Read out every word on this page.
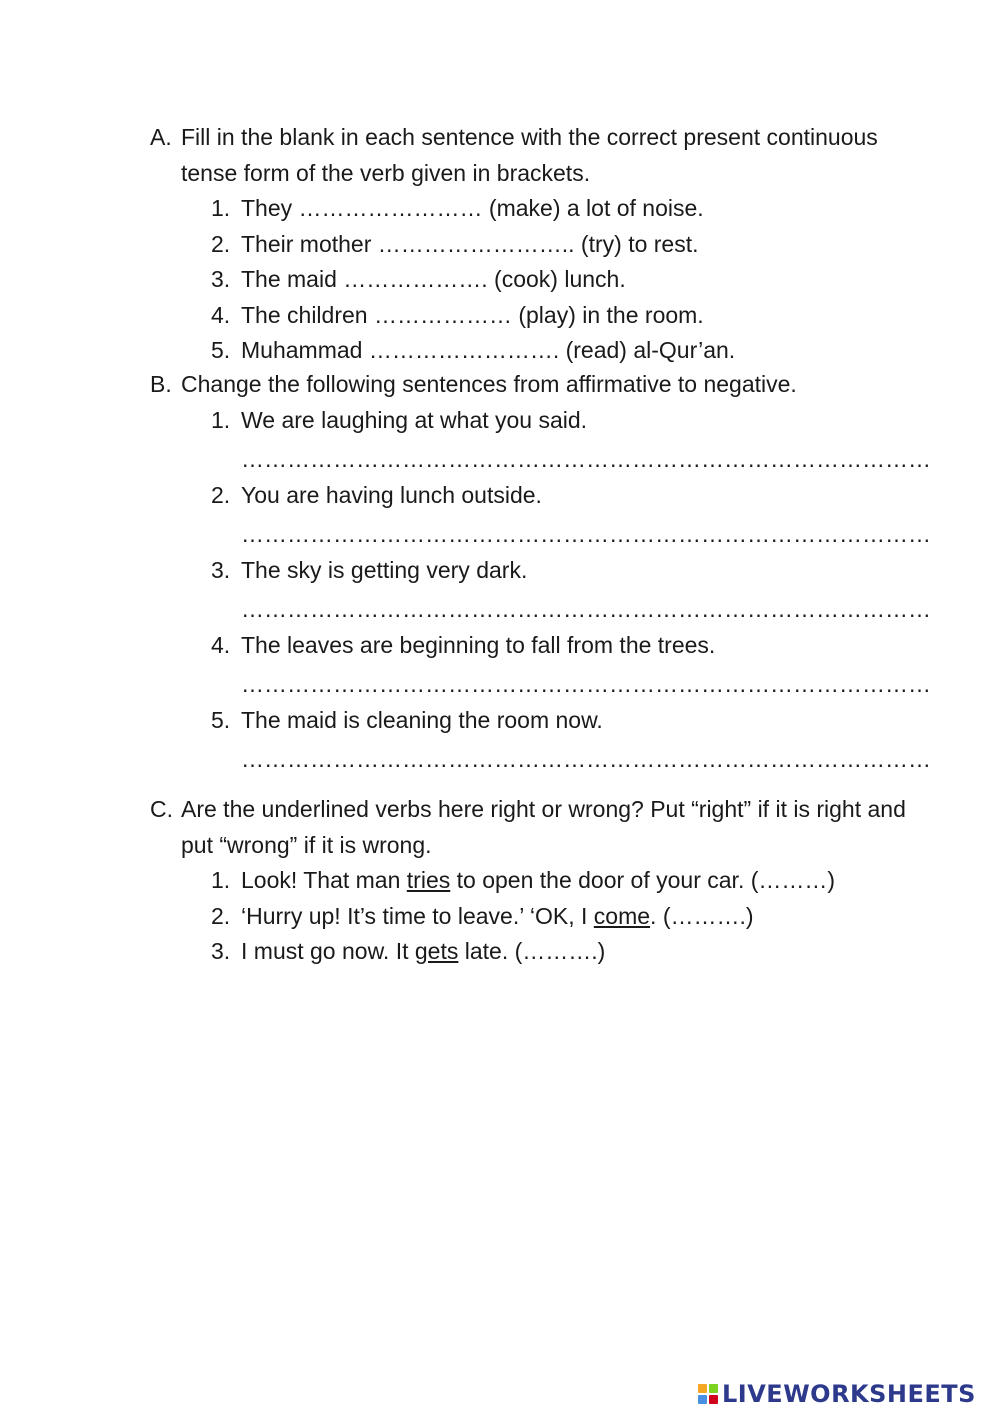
A. Fill in the blank in each sentence with the correct present continuous tense form of the verb given in brackets.
1. They …………………… (make) a lot of noise.
2. Their mother …………………….. (try) to rest.
3. The maid ………………. (cook) lunch.
4. The children ……………… (play) in the room.
5. Muhammad ……………………. (read) al-Qur’an.
B. Change the following sentences from affirmative to negative.
1. We are laughing at what you said.
………………………………………………………………………………
2. You are having lunch outside.
………………………………………………………………………………
3. The sky is getting very dark.
………………………………………………………………………………
4. The leaves are beginning to fall from the trees.
………………………………………………………………………………
5. The maid is cleaning the room now.
………………………………………………………………………………
C. Are the underlined verbs here right or wrong? Put “right” if it is right and put “wrong” if it is wrong.
1. Look! That man tries to open the door of your car. (………)
2. ‘Hurry up! It’s time to leave.’ ‘OK, I come. (……….)
3. I must go now. It gets late. (……….)
LIVEWORKSHEETS
